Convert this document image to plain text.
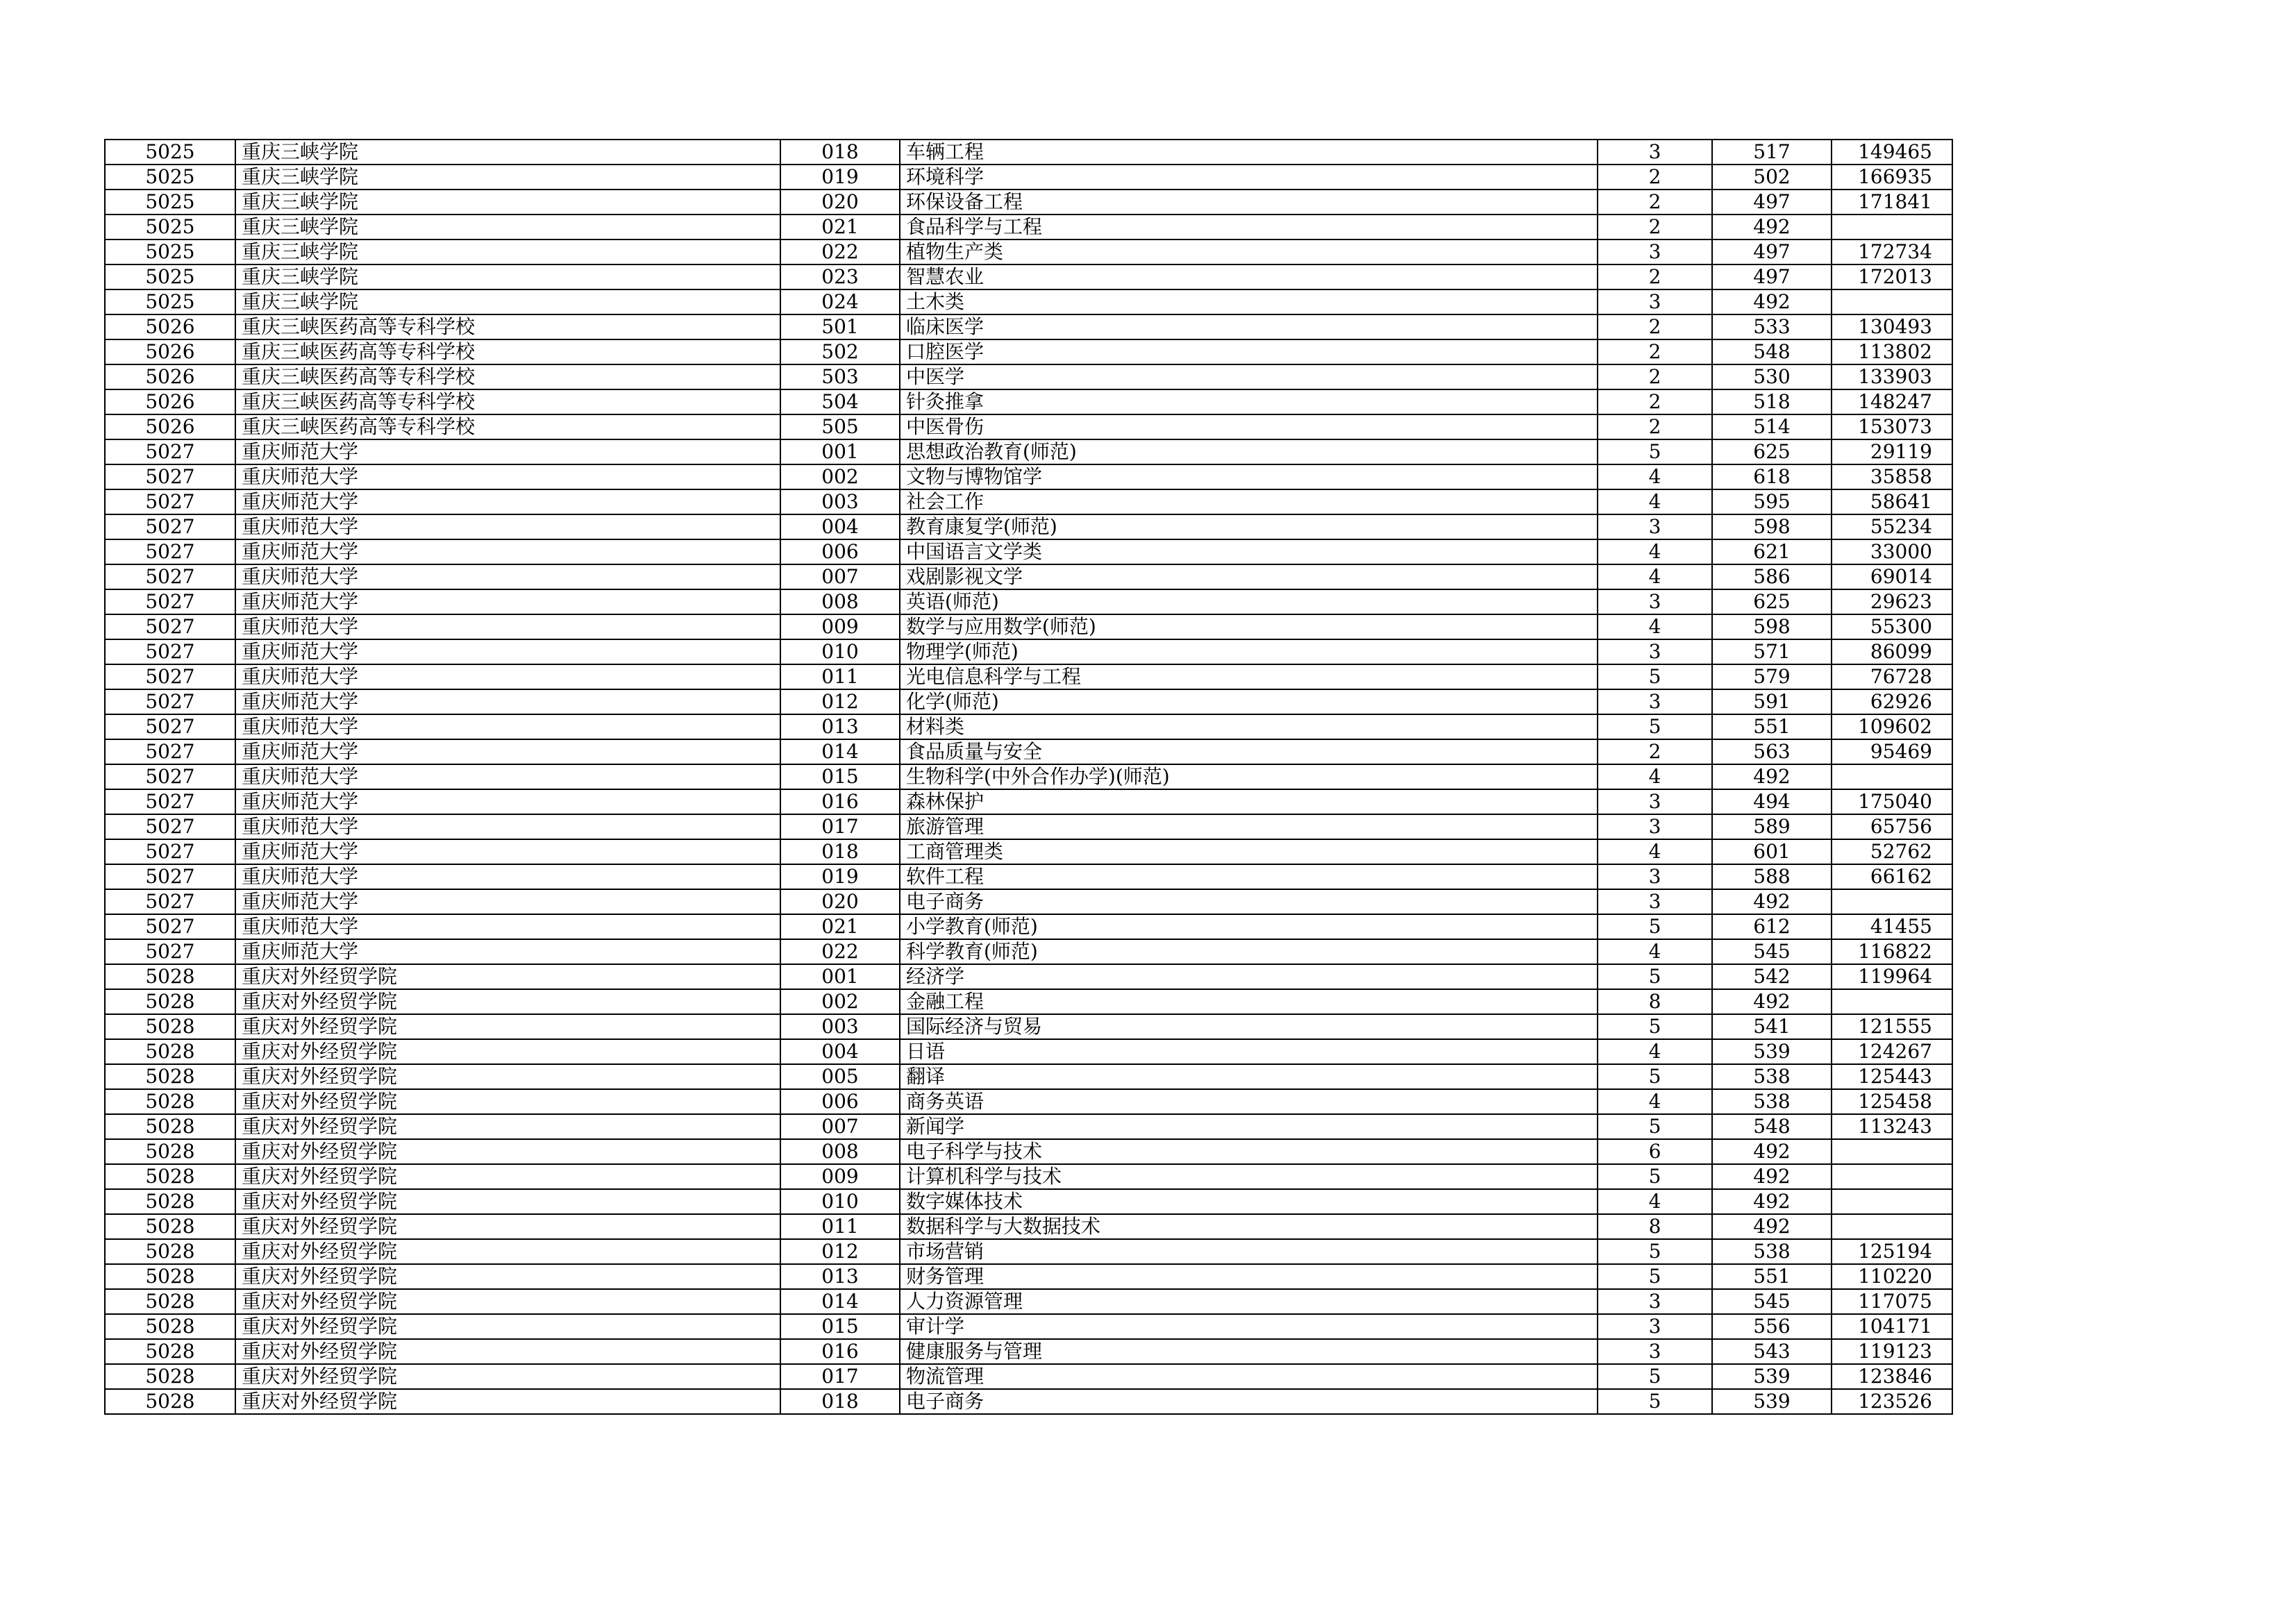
5025	重庆三峡学院	018	车辆工程	3	517	149465
5025	重庆三峡学院	019	环境科学	2	502	166935
5025	重庆三峡学院	020	环保设备工程	2	497	171841
5025	重庆三峡学院	021	食品科学与工程	2	492	
5025	重庆三峡学院	022	植物生产类	3	497	172734
5025	重庆三峡学院	023	智慧农业	2	497	172013
5025	重庆三峡学院	024	土木类	3	492	
5026	重庆三峡医药高等专科学校	501	临床医学	2	533	130493
5026	重庆三峡医药高等专科学校	502	口腔医学	2	548	113802
5026	重庆三峡医药高等专科学校	503	中医学	2	530	133903
5026	重庆三峡医药高等专科学校	504	针灸推拿	2	518	148247
5026	重庆三峡医药高等专科学校	505	中医骨伤	2	514	153073
5027	重庆师范大学	001	思想政治教育(师范)	5	625	29119
5027	重庆师范大学	002	文物与博物馆学	4	618	35858
5027	重庆师范大学	003	社会工作	4	595	58641
5027	重庆师范大学	004	教育康复学(师范)	3	598	55234
5027	重庆师范大学	006	中国语言文学类	4	621	33000
5027	重庆师范大学	007	戏剧影视文学	4	586	69014
5027	重庆师范大学	008	英语(师范)	3	625	29623
5027	重庆师范大学	009	数学与应用数学(师范)	4	598	55300
5027	重庆师范大学	010	物理学(师范)	3	571	86099
5027	重庆师范大学	011	光电信息科学与工程	5	579	76728
5027	重庆师范大学	012	化学(师范)	3	591	62926
5027	重庆师范大学	013	材料类	5	551	109602
5027	重庆师范大学	014	食品质量与安全	2	563	95469
5027	重庆师范大学	015	生物科学(中外合作办学)(师范)	4	492	
5027	重庆师范大学	016	森林保护	3	494	175040
5027	重庆师范大学	017	旅游管理	3	589	65756
5027	重庆师范大学	018	工商管理类	4	601	52762
5027	重庆师范大学	019	软件工程	3	588	66162
5027	重庆师范大学	020	电子商务	3	492	
5027	重庆师范大学	021	小学教育(师范)	5	612	41455
5027	重庆师范大学	022	科学教育(师范)	4	545	116822
5028	重庆对外经贸学院	001	经济学	5	542	119964
5028	重庆对外经贸学院	002	金融工程	8	492	
5028	重庆对外经贸学院	003	国际经济与贸易	5	541	121555
5028	重庆对外经贸学院	004	日语	4	539	124267
5028	重庆对外经贸学院	005	翻译	5	538	125443
5028	重庆对外经贸学院	006	商务英语	4	538	125458
5028	重庆对外经贸学院	007	新闻学	5	548	113243
5028	重庆对外经贸学院	008	电子科学与技术	6	492	
5028	重庆对外经贸学院	009	计算机科学与技术	5	492	
5028	重庆对外经贸学院	010	数字媒体技术	4	492	
5028	重庆对外经贸学院	011	数据科学与大数据技术	8	492	
5028	重庆对外经贸学院	012	市场营销	5	538	125194
5028	重庆对外经贸学院	013	财务管理	5	551	110220
5028	重庆对外经贸学院	014	人力资源管理	3	545	117075
5028	重庆对外经贸学院	015	审计学	3	556	104171
5028	重庆对外经贸学院	016	健康服务与管理	3	543	119123
5028	重庆对外经贸学院	017	物流管理	5	539	123846
5028	重庆对外经贸学院	018	电子商务	5	539	123526
